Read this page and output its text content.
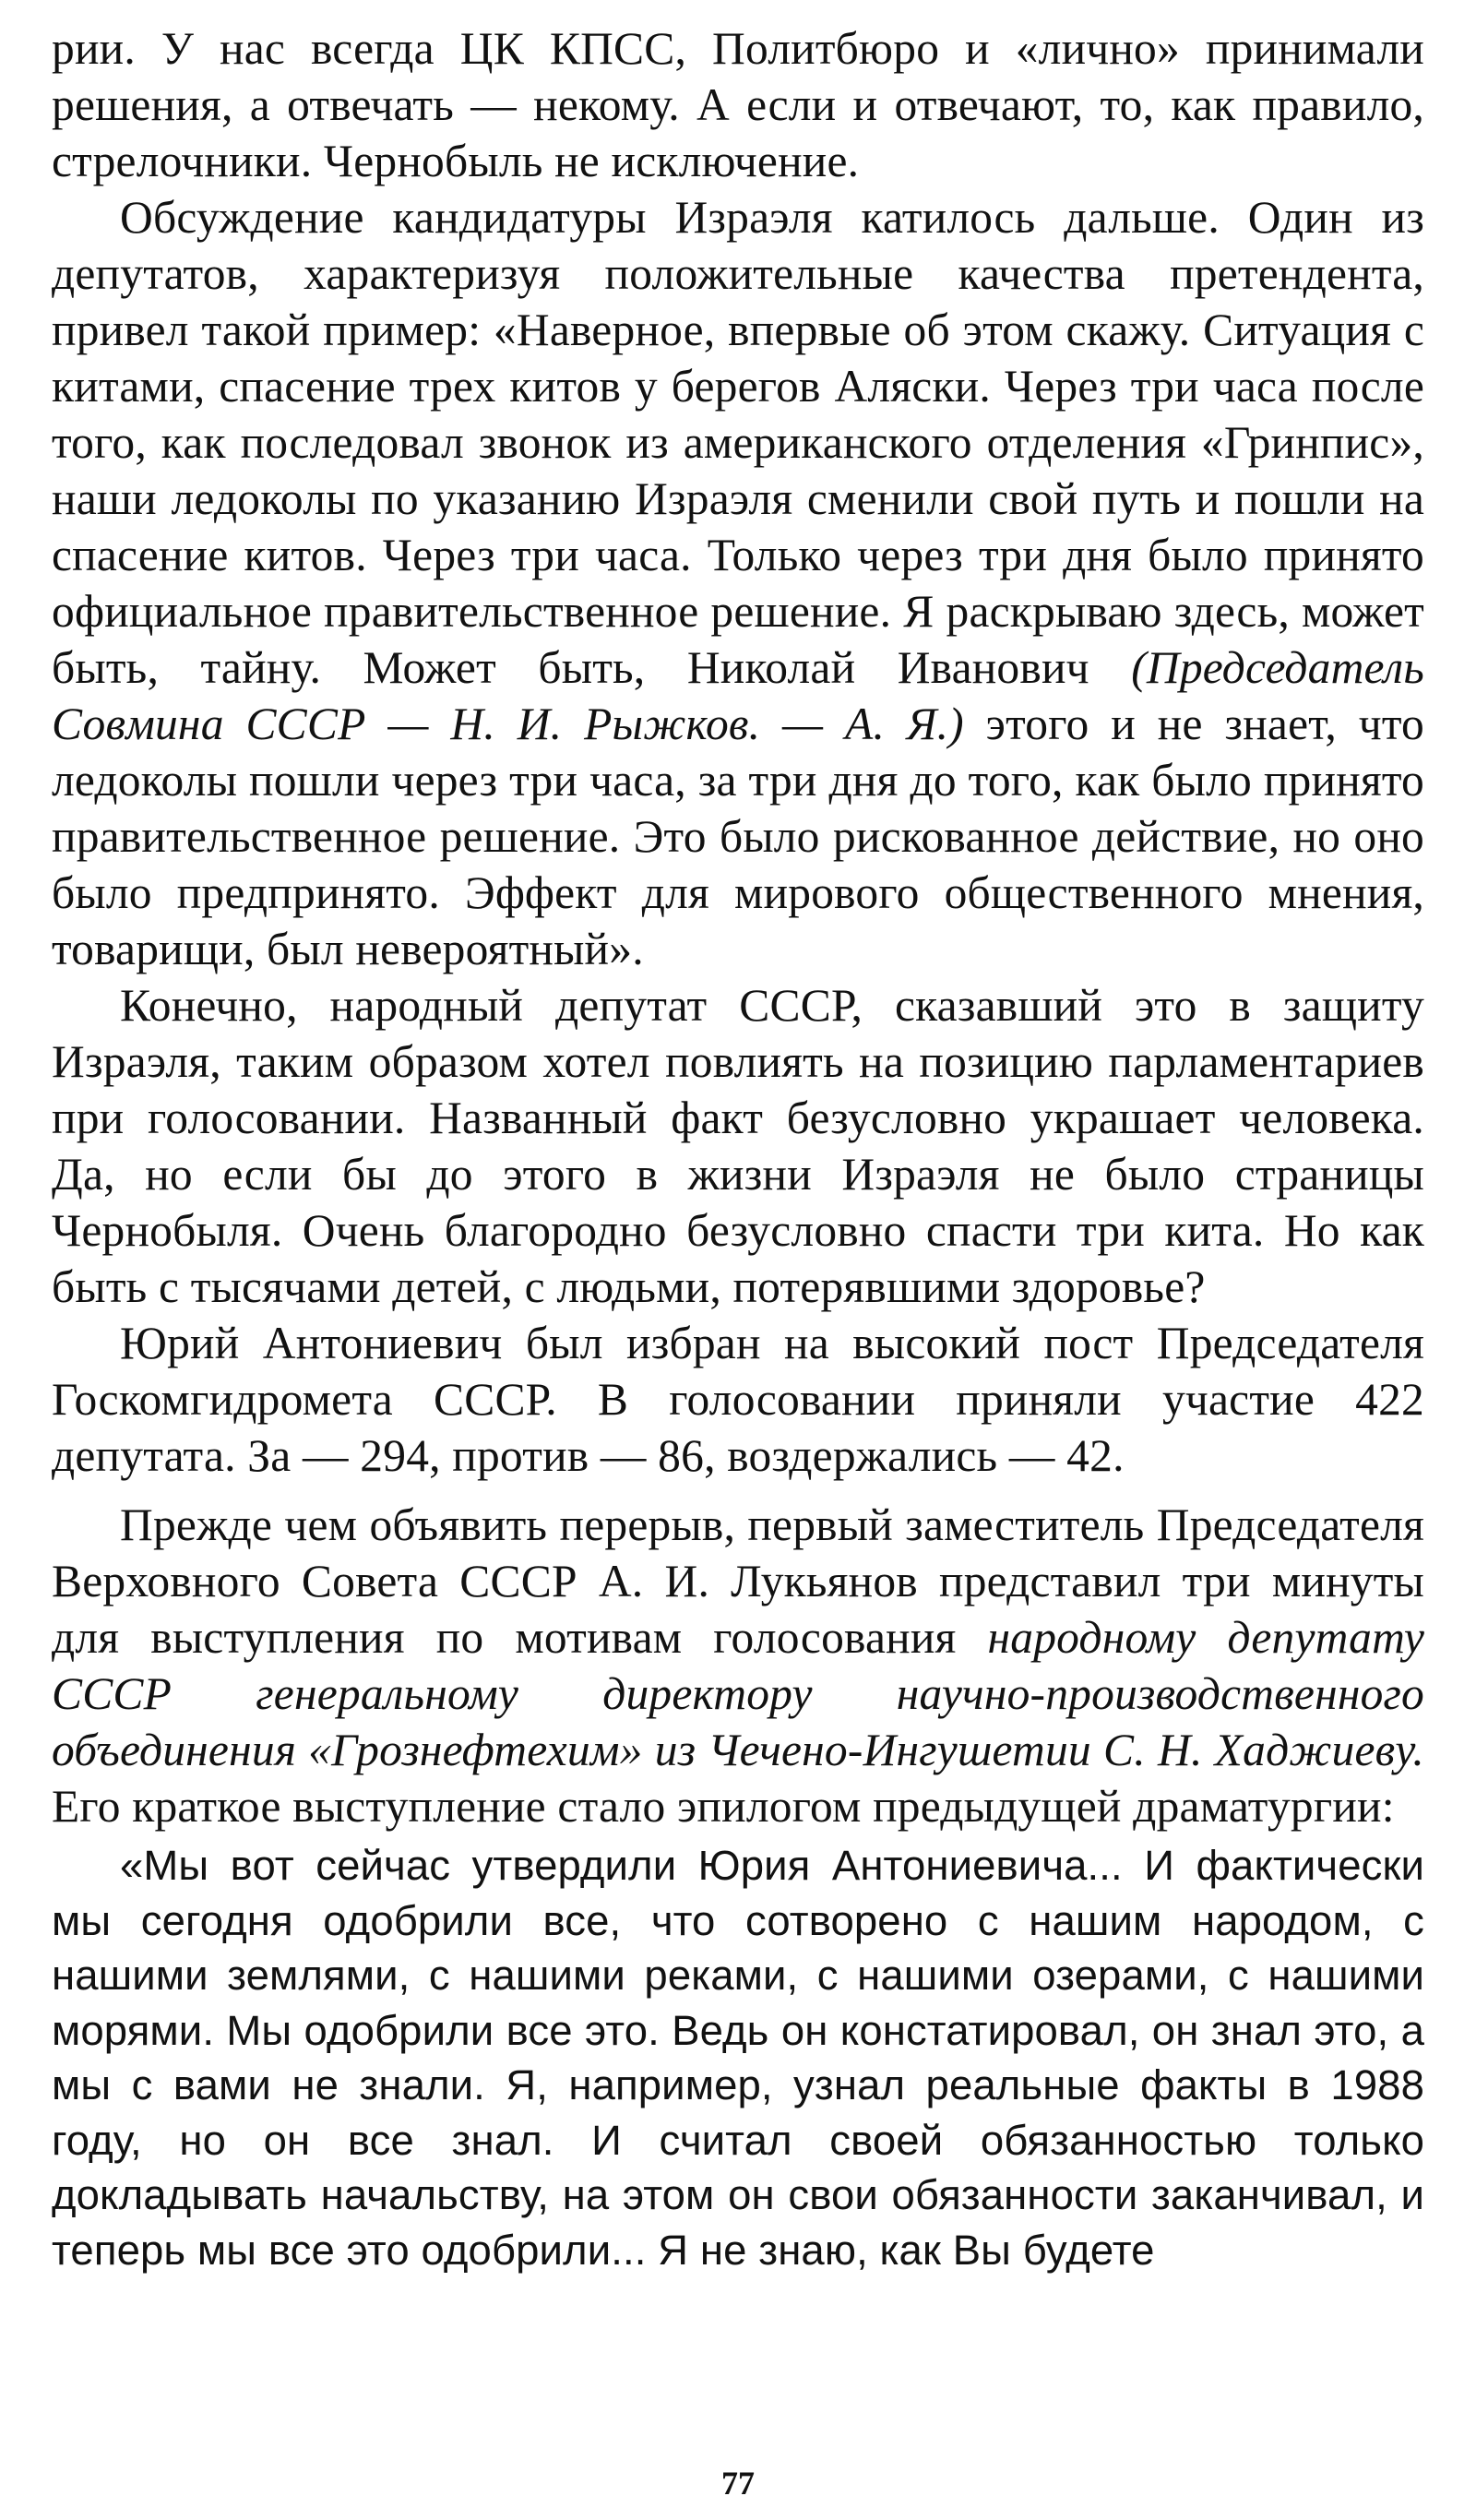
рии. У нас всегда ЦК КПСС, Политбюро и «лично» принимали решения, а отвечать — некому. А если и отвечают, то, как правило, стрелочники. Чернобыль не исключение.

Обсуждение кандидатуры Израэля катилось дальше. Один из депутатов, характеризуя положительные качества претендента, привел такой пример: «Наверное, впервые об этом скажу. Ситуация с китами, спасение трех китов у берегов Аляски. Через три часа после того, как последовал звонок из американского отделения «Гринпис», наши ледоколы по указанию Израэля сменили свой путь и пошли на спасение китов. Через три часа. Только через три дня было принято официальное правительственное решение. Я раскрываю здесь, может быть, тайну. Может быть, Николай Иванович (Председатель Совмина СССР — Н. И. Рыжков. — А. Я.) этого и не знает, что ледоколы пошли через три часа, за три дня до того, как было принято правительственное решение. Это было рискованное действие, но оно было предпринято. Эффект для мирового общественного мнения, товарищи, был невероятный».

Конечно, народный депутат СССР, сказавший это в защиту Израэля, таким образом хотел повлиять на позицию парламентариев при голосовании. Названный факт безусловно украшает человека. Да, но если бы до этого в жизни Израэля не было страницы Чернобыля. Очень благородно безусловно спасти три кита. Но как быть с тысячами детей, с людьми, потерявшими здоровье?

Юрий Антониевич был избран на высокий пост Председателя Госкомгидромета СССР. В голосовании приняли участие 422 депутата. За — 294, против — 86, воздержались — 42.

Прежде чем объявить перерыв, первый заместитель Председателя Верховного Совета СССР А. И. Лукьянов представил три минуты для выступления по мотивам голосования народному депутату СССР генеральному директору научно-производственного объединения «Грознефтехим» из Чечено-Ингушетии С. Н. Хаджиеву. Его краткое выступление стало эпилогом предыдущей драматургии:

«Мы вот сейчас утвердили Юрия Антониевича... И фактически мы сегодня одобрили все, что сотворено с нашим народом, с нашими землями, с нашими реками, с нашими озерами, с нашими морями. Мы одобрили все это. Ведь он констатировал, он знал это, а мы с вами не знали. Я, например, узнал реальные факты в 1988 году, но он все знал. И считал своей обязанностью только докладывать начальству, на этом он свои обязанности заканчивал, и теперь мы все это одобрили... Я не знаю, как Вы будете

77
